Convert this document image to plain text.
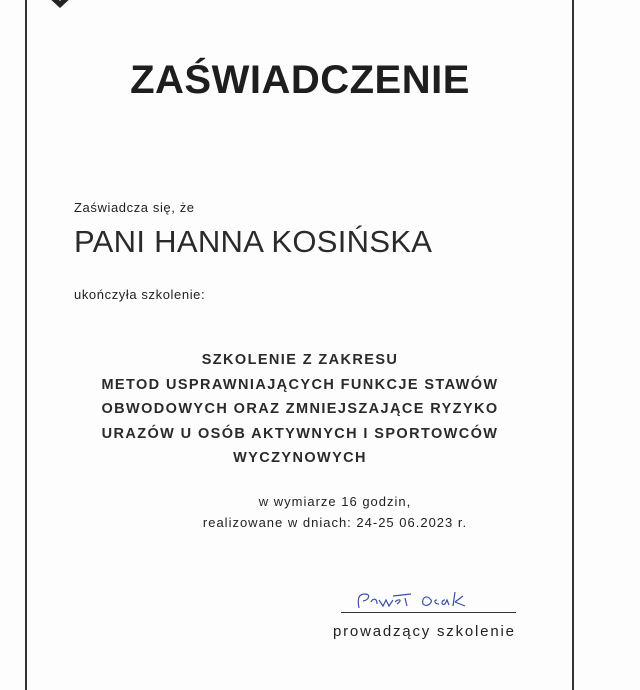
ZAŚWIADCZENIE
Zaświadcza się, że
PANI HANNA KOSIŃSKA
ukończyła szkolenie:
SZKOLENIE Z ZAKRESU
METOD USPRAWNIAJĄCYCH FUNKCJE STAWÓW
OBWODOWYCH ORAZ ZMNIEJSZAJĄCE RYZYKO
URAZÓW U OSÓB AKTYWNYCH I SPORTOWCÓW
WYCZYNOWYCH
w wymiarze 16 godzin,
realizowane w dniach: 24-25 06.2023 r.
prowadzący szkolenie
